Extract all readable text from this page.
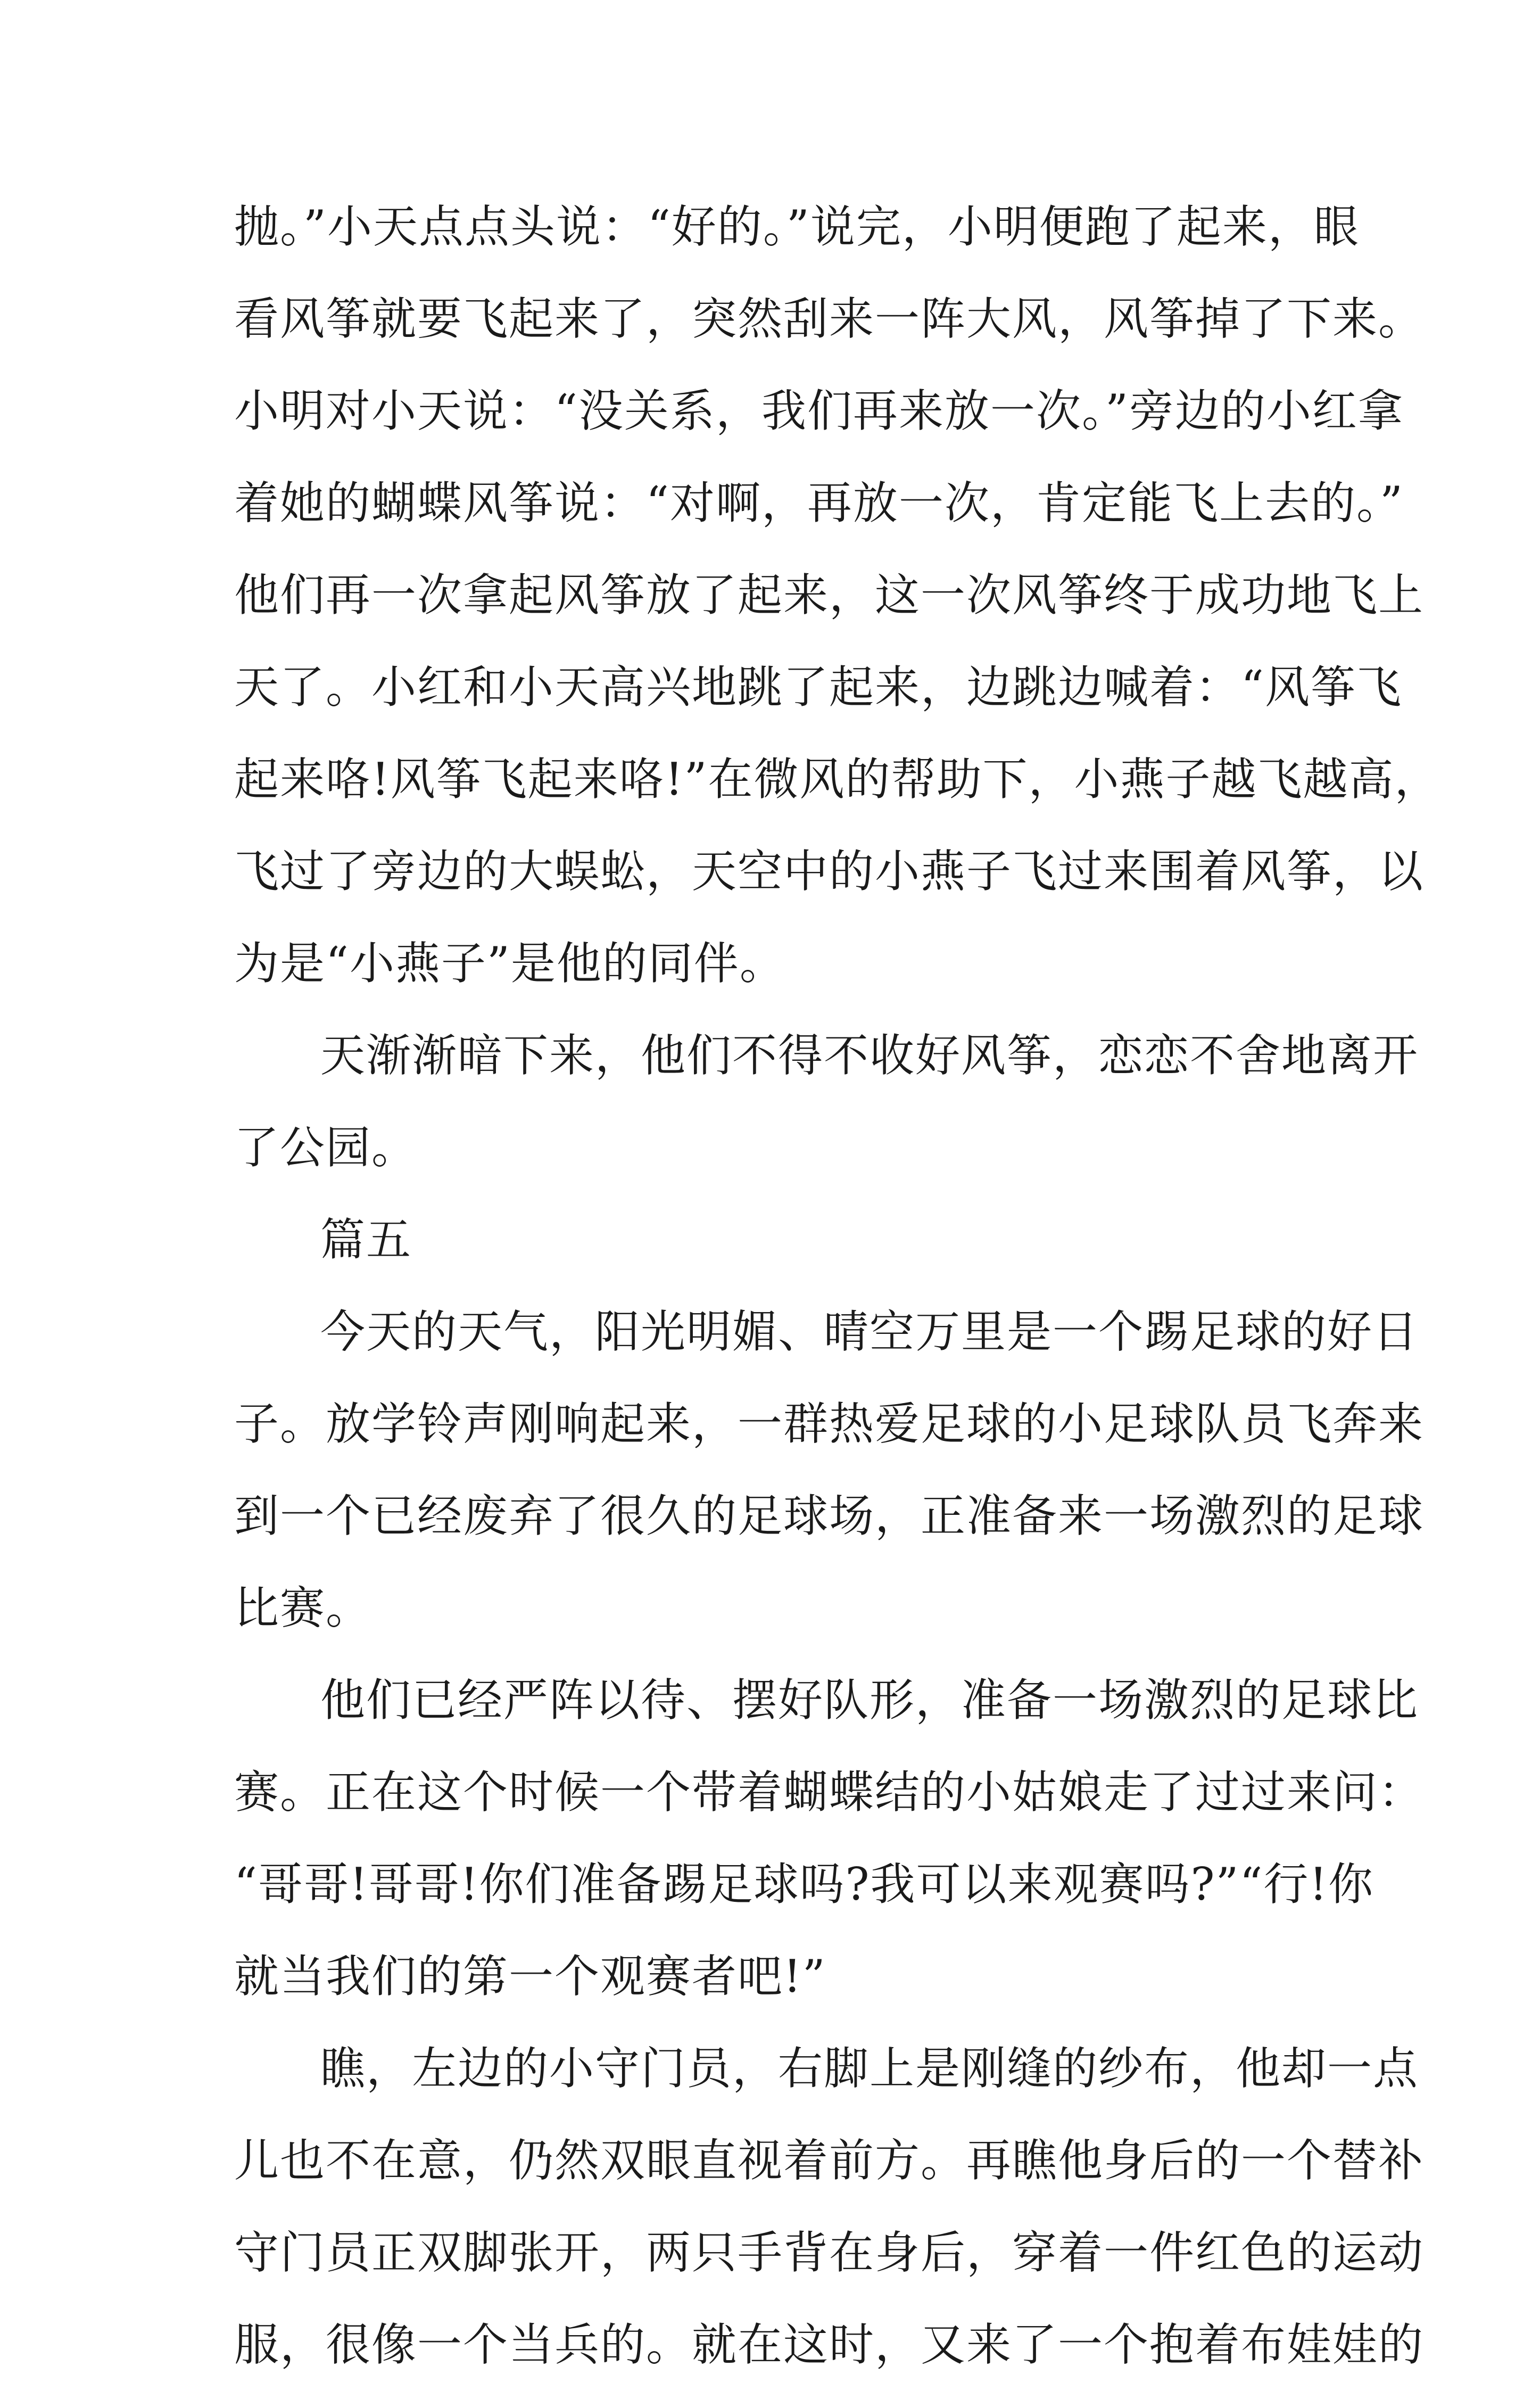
抛。”小天点点头说：“好的。”说完，小明便跑了起来，眼
看风筝就要飞起来了，突然刮来一阵大风，风筝掉了下来。
小明对小天说：“没关系，我们再来放一次。”旁边的小红拿
着她的蝴蝶风筝说：“对啊，再放一次，肯定能飞上去的。”
他们再一次拿起风筝放了起来，这一次风筝终于成功地飞上
天了。小红和小天高兴地跳了起来，边跳边喊着：“风筝飞
起来咯!风筝飞起来咯!”在微风的帮助下，小燕子越飞越高，
飞过了旁边的大蜈蚣，天空中的小燕子飞过来围着风筝，以
为是“小燕子”是他的同伴。
天渐渐暗下来，他们不得不收好风筝，恋恋不舍地离开
了公园。
篇五
今天的天气，阳光明媚、晴空万里是一个踢足球的好日
子。放学铃声刚响起来，一群热爱足球的小足球队员飞奔来
到一个已经废弃了很久的足球场，正准备来一场激烈的足球
比赛。
他们已经严阵以待、摆好队形，准备一场激烈的足球比
赛。正在这个时候一个带着蝴蝶结的小姑娘走了过过来问：
“哥哥!哥哥!你们准备踢足球吗?我可以来观赛吗?”“行!你
就当我们的第一个观赛者吧!”
瞧，左边的小守门员，右脚上是刚缝的纱布，他却一点
儿也不在意，仍然双眼直视着前方。再瞧他身后的一个替补
守门员正双脚张开，两只手背在身后，穿着一件红色的运动
服，很像一个当兵的。就在这时，又来了一个抱着布娃娃的
